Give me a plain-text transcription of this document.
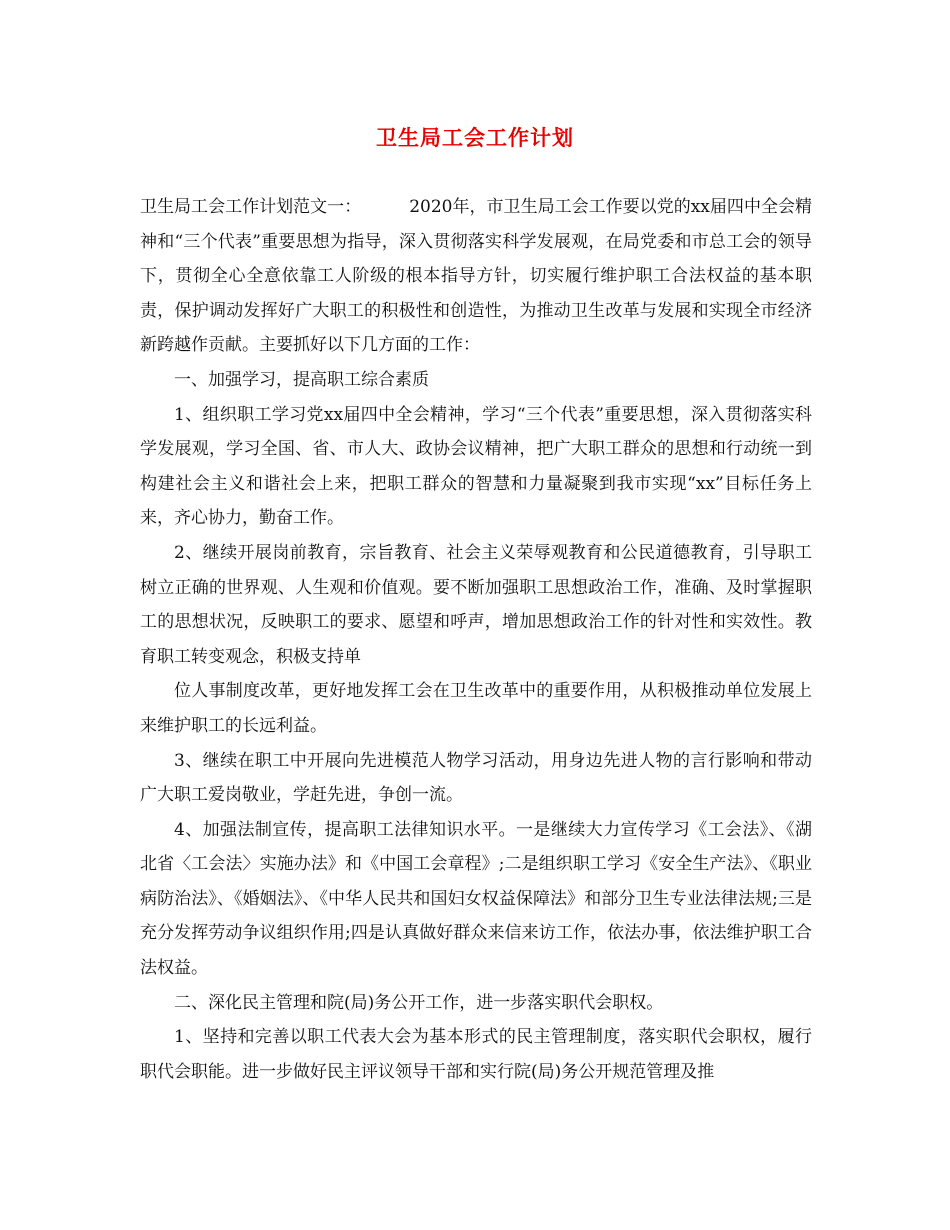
卫生局工会工作计划

卫生局工会工作计划范文一：	2020年，市卫生局工会工作要以党的xx届四中全会精神和“三个代表”重要思想为指导，深入贯彻落实科学发展观，在局党委和市总工会的领导下，贯彻全心全意依靠工人阶级的根本指导方针，切实履行维护职工合法权益的基本职责，保护调动发挥好广大职工的积极性和创造性，为推动卫生改革与发展和实现全市经济新跨越作贡献。主要抓好以下几方面的工作：

一、加强学习，提高职工综合素质

1、组织职工学习党xx届四中全会精神，学习“三个代表”重要思想，深入贯彻落实科学发展观，学习全国、省、市人大、政协会议精神，把广大职工群众的思想和行动统一到构建社会主义和谐社会上来，把职工群众的智慧和力量凝聚到我市实现“xx”目标任务上来，齐心协力，勤奋工作。

2、继续开展岗前教育，宗旨教育、社会主义荣辱观教育和公民道德教育，引导职工树立正确的世界观、人生观和价值观。要不断加强职工思想政治工作，准确、及时掌握职工的思想状况，反映职工的要求、愿望和呼声，增加思想政治工作的针对性和实效性。教育职工转变观念，积极支持单

位人事制度改革，更好地发挥工会在卫生改革中的重要作用，从积极推动单位发展上来维护职工的长远利益。

3、继续在职工中开展向先进模范人物学习活动，用身边先进人物的言行影响和带动广大职工爱岗敬业，学赶先进，争创一流。

4、加强法制宣传，提高职工法律知识水平。一是继续大力宣传学习《工会法》、《湖北省〈工会法〉实施办法》和《中国工会章程》;二是组织职工学习《安全生产法》、《职业病防治法》、《婚姻法》、《中华人民共和国妇女权益保障法》和部分卫生专业法律法规;三是充分发挥劳动争议组织作用;四是认真做好群众来信来访工作，依法办事，依法维护职工合法权益。

二、深化民主管理和院(局)务公开工作，进一步落实职代会职权。

1、坚持和完善以职工代表大会为基本形式的民主管理制度，落实职代会职权，履行职代会职能。进一步做好民主评议领导干部和实行院(局)务公开规范管理及推
